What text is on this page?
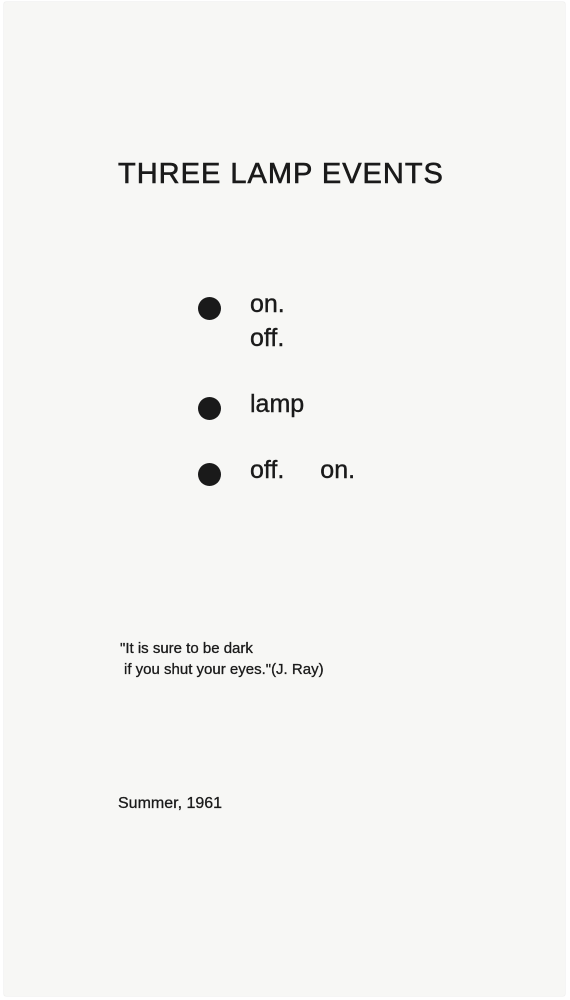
THREE LAMP EVENTS
on.
off.
lamp
off. on.
"It is sure to be dark
if you shut your eyes."(J. Ray)
Summer, 1961
